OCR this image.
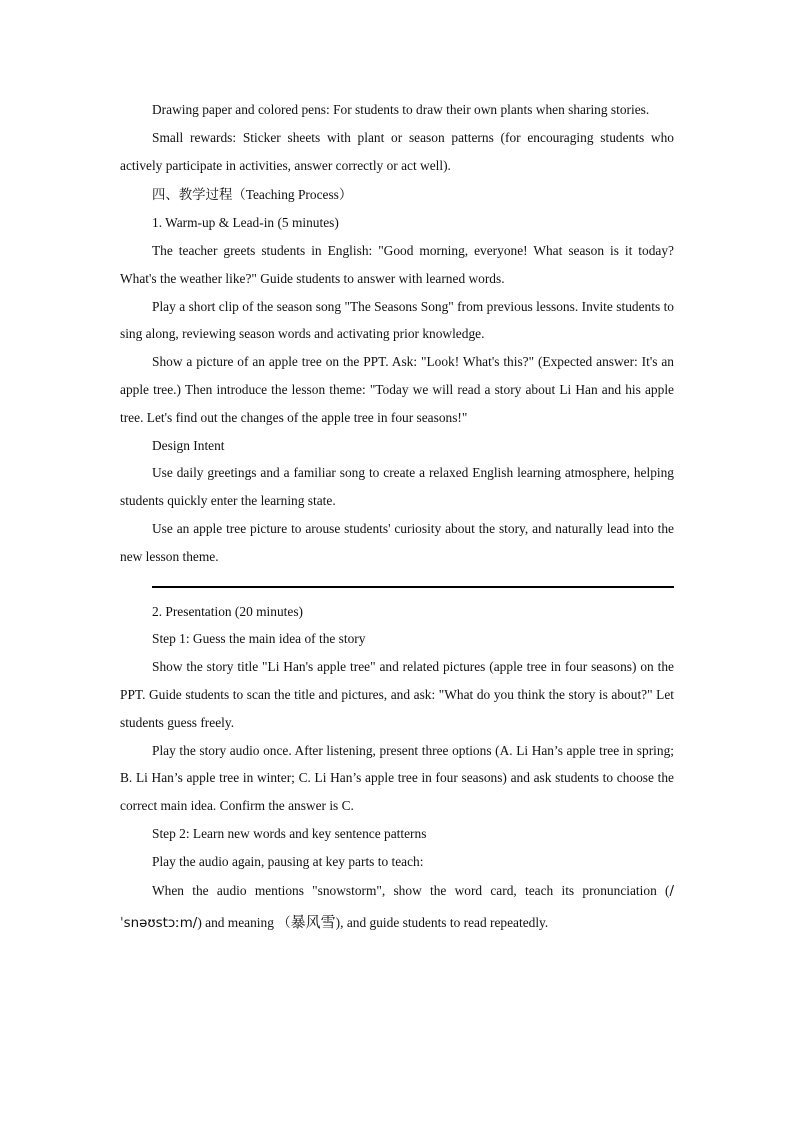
Drawing paper and colored pens: For students to draw their own plants when sharing stories.

Small rewards: Sticker sheets with plant or season patterns (for encouraging students who actively participate in activities, answer correctly or act well).

四、教学过程（Teaching Process）

1. Warm-up & Lead-in (5 minutes)

The teacher greets students in English: "Good morning, everyone! What season is it today? What's the weather like?" Guide students to answer with learned words.

Play a short clip of the season song "The Seasons Song" from previous lessons. Invite students to sing along, reviewing season words and activating prior knowledge.

Show a picture of an apple tree on the PPT. Ask: "Look! What's this?" (Expected answer: It's an apple tree.) Then introduce the lesson theme: "Today we will read a story about Li Han and his apple tree. Let's find out the changes of the apple tree in four seasons!"

Design Intent

Use daily greetings and a familiar song to create a relaxed English learning atmosphere, helping students quickly enter the learning state.

Use an apple tree picture to arouse students' curiosity about the story, and naturally lead into the new lesson theme.

2. Presentation (20 minutes)

Step 1: Guess the main idea of the story

Show the story title "Li Han's apple tree" and related pictures (apple tree in four seasons) on the PPT. Guide students to scan the title and pictures, and ask: "What do you think the story is about?" Let students guess freely.

Play the story audio once. After listening, present three options (A. Li Han’s apple tree in spring; B. Li Han’s apple tree in winter; C. Li Han’s apple tree in four seasons) and ask students to choose the correct main idea. Confirm the answer is C.

Step 2: Learn new words and key sentence patterns

Play the audio again, pausing at key parts to teach:

When the audio mentions "snowstorm", show the word card, teach its pronunciation (/ˈsnəʊstɔːm/) and meaning （暴风雪), and guide students to read repeatedly.
